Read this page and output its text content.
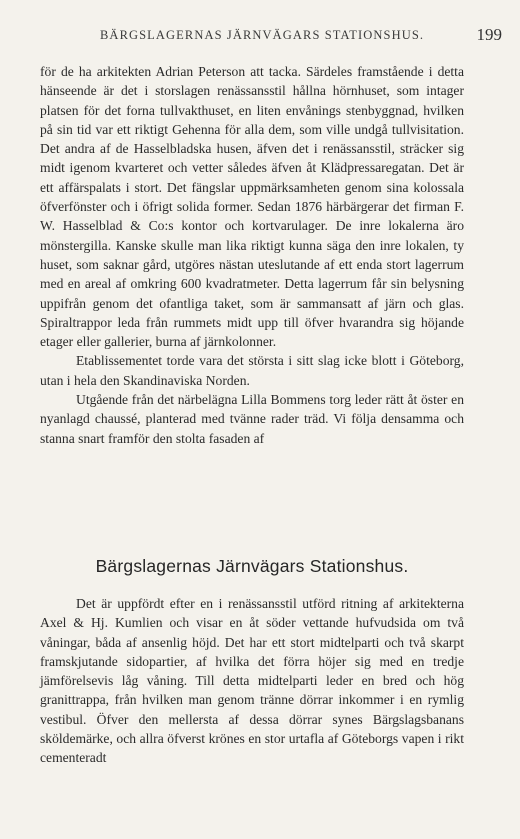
BÄRGSLAGERNAS JÄRNVÄGARS STATIONSHUS.	199

för de ha arkitekten Adrian Peterson att tacka. Särdeles framstående i detta hänseende är det i storslagen renässansstil hållna hörnhuset, som intager platsen för det forna tullvakthuset, en liten envånings stenbyggnad, hvilken på sin tid var ett riktigt Gehenna för alla dem, som ville undgå tullvisitation. Det andra af de Hasselbladska husen, äfven det i renässansstil, sträcker sig midt igenom kvarteret och vetter således äfven åt Klädpressaregatan. Det är ett affärspalats i stort. Det fängslar uppmärksamheten genom sina kolossala öfverfönster och i öfrigt solida former. Sedan 1876 härbärgerar det firman F. W. Hasselblad & Co:s kontor och kortvarulager. De inre lokalerna äro mönstergilla. Kanske skulle man lika riktigt kunna säga den inre lokalen, ty huset, som saknar gård, utgöres nästan uteslutande af ett enda stort lagerrum med en areal af omkring 600 kvadratmeter. Detta lagerrum får sin belysning uppifrån genom det ofantliga taket, som är sammansatt af järn och glas. Spiraltrappor leda från rummets midt upp till öfver hvarandra sig höjande etager eller gallerier, burna af järnkolonner.

Etablissementet torde vara det största i sitt slag icke blott i Göteborg, utan i hela den Skandinaviska Norden.

Utgående från det närbelägna Lilla Bommens torg leder rätt åt öster en nyanlagd chaussé, planterad med tvänne rader träd. Vi följa densamma och stanna snart framför den stolta fasaden af

Bärgslagernas Järnvägars Stationshus.

Det är uppfördt efter en i renässansstil utförd ritning af arkitekterna Axel & Hj. Kumlien och visar en åt söder vettande hufvudsida om två våningar, båda af ansenlig höjd. Det har ett stort midtelparti och två skarpt framskjutande sidopartier, af hvilka det förra höjer sig med en tredje jämförelsevis låg våning. Till detta midtelparti leder en bred och hög granittrappa, från hvilken man genom tränne dörrar inkommer i en rymlig vestibul. Öfver den mellersta af dessa dörrar synes Bärgslagsbanans sköldemärke, och allra öfverst krönes en stor urtafla af Göteborgs vapen i rikt cementeradt
